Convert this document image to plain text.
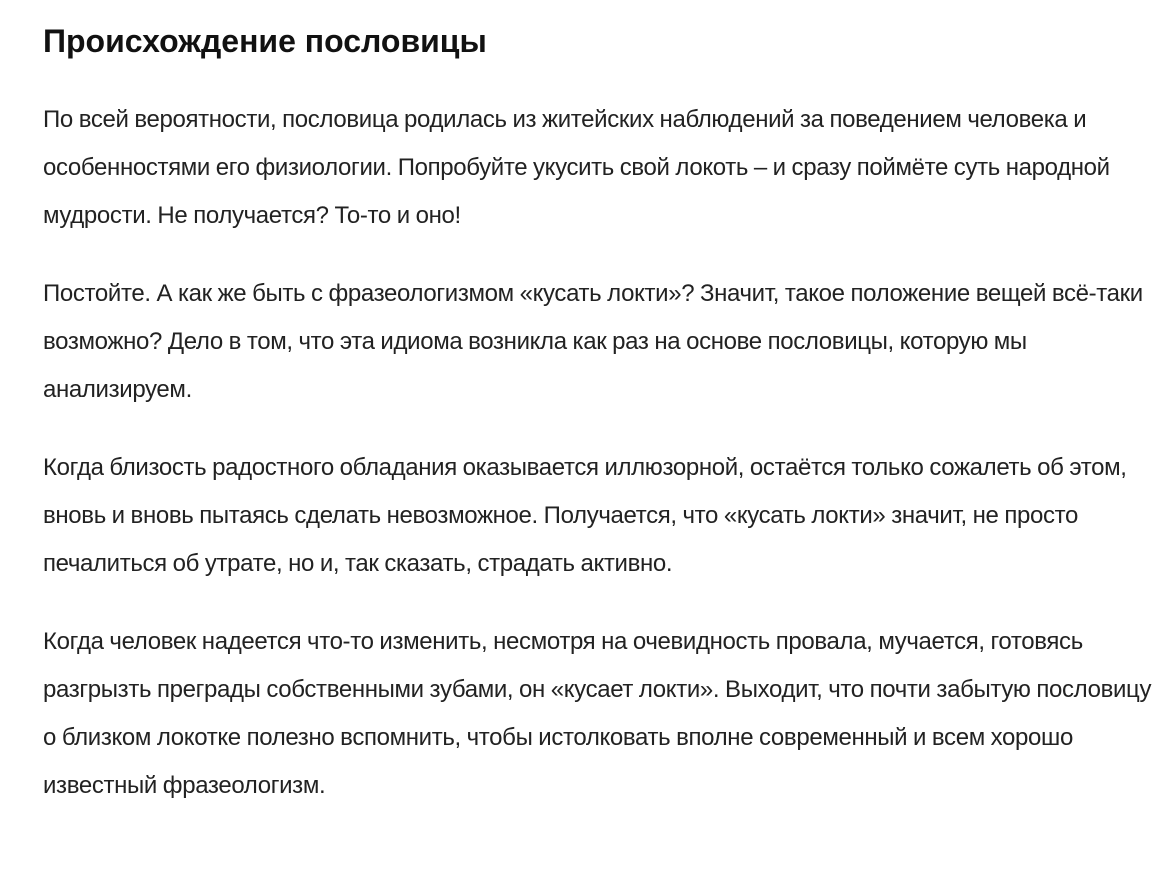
Происхождение пословицы

По всей вероятности, пословица родилась из житейских наблюдений за поведением человека и особенностями его физиологии. Попробуйте укусить свой локоть – и сразу поймёте суть народной мудрости. Не получается? То-то и оно!

Постойте. А как же быть с фразеологизмом «кусать локти»? Значит, такое положение вещей всё-таки возможно? Дело в том, что эта идиома возникла как раз на основе пословицы, которую мы анализируем.

Когда близость радостного обладания оказывается иллюзорной, остаётся только сожалеть об этом, вновь и вновь пытаясь сделать невозможное. Получается, что «кусать локти» значит, не просто печалиться об утрате, но и, так сказать, страдать активно.

Когда человек надеется что-то изменить, несмотря на очевидность провала, мучается, готовясь разгрызть преграды собственными зубами, он «кусает локти». Выходит, что почти забытую пословицу о близком локотке полезно вспомнить, чтобы истолковать вполне современный и всем хорошо известный фразеологизм.
